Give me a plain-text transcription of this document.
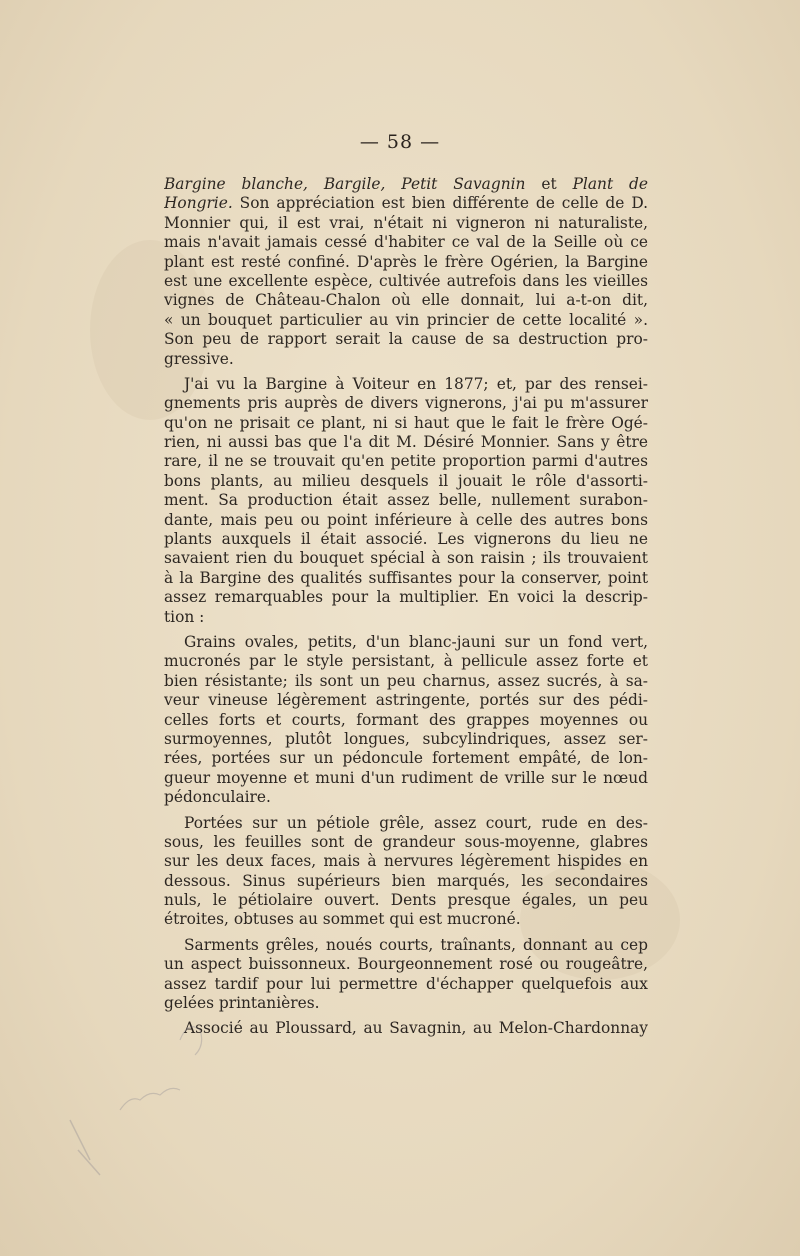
— 58 —
Bargine blanche, Bargile, Petit Savagnin et Plant de
Hongrie. Son appréciation est bien différente de celle de D.
Monnier qui, il est vrai, n'était ni vigneron ni naturaliste,
mais n'avait jamais cessé d'habiter ce val de la Seille où ce
plant est resté confiné. D'après le frère Ogérien, la Bargine
est une excellente espèce, cultivée autrefois dans les vieilles
vignes de Château-Chalon où elle donnait, lui a-t-on dit,
« un bouquet particulier au vin princier de cette localité ».
Son peu de rapport serait la cause de sa destruction pro-
gressive.
J'ai vu la Bargine à Voiteur en 1877; et, par des rensei-
gnements pris auprès de divers vignerons, j'ai pu m'assurer
qu'on ne prisait ce plant, ni si haut que le fait le frère Ogé-
rien, ni aussi bas que l'a dit M. Désiré Monnier. Sans y être
rare, il ne se trouvait qu'en petite proportion parmi d'autres
bons plants, au milieu desquels il jouait le rôle d'assorti-
ment. Sa production était assez belle, nullement surabon-
dante, mais peu ou point inférieure à celle des autres bons
plants auxquels il était associé. Les vignerons du lieu ne
savaient rien du bouquet spécial à son raisin ; ils trouvaient
à la Bargine des qualités suffisantes pour la conserver, point
assez remarquables pour la multiplier. En voici la descrip-
tion :
Grains ovales, petits, d'un blanc-jauni sur un fond vert,
mucronés par le style persistant, à pellicule assez forte et
bien résistante; ils sont un peu charnus, assez sucrés, à sa-
veur vineuse légèrement astringente, portés sur des pédi-
celles forts et courts, formant des grappes moyennes ou
surmoyennes, plutôt longues, subcylindriques, assez ser-
rées, portées sur un pédoncule fortement empâté, de lon-
gueur moyenne et muni d'un rudiment de vrille sur le nœud
pédonculaire.
Portées sur un pétiole grêle, assez court, rude en des-
sous, les feuilles sont de grandeur sous-moyenne, glabres
sur les deux faces, mais à nervures légèrement hispides en
dessous. Sinus supérieurs bien marqués, les secondaires
nuls, le pétiolaire ouvert. Dents presque égales, un peu
étroites, obtuses au sommet qui est mucroné.
Sarments grêles, noués courts, traînants, donnant au cep
un aspect buissonneux. Bourgeonnement rosé ou rougeâtre,
assez tardif pour lui permettre d'échapper quelquefois aux
gelées printanières.
Associé au Ploussard, au Savagnin, au Melon-Chardonnay
